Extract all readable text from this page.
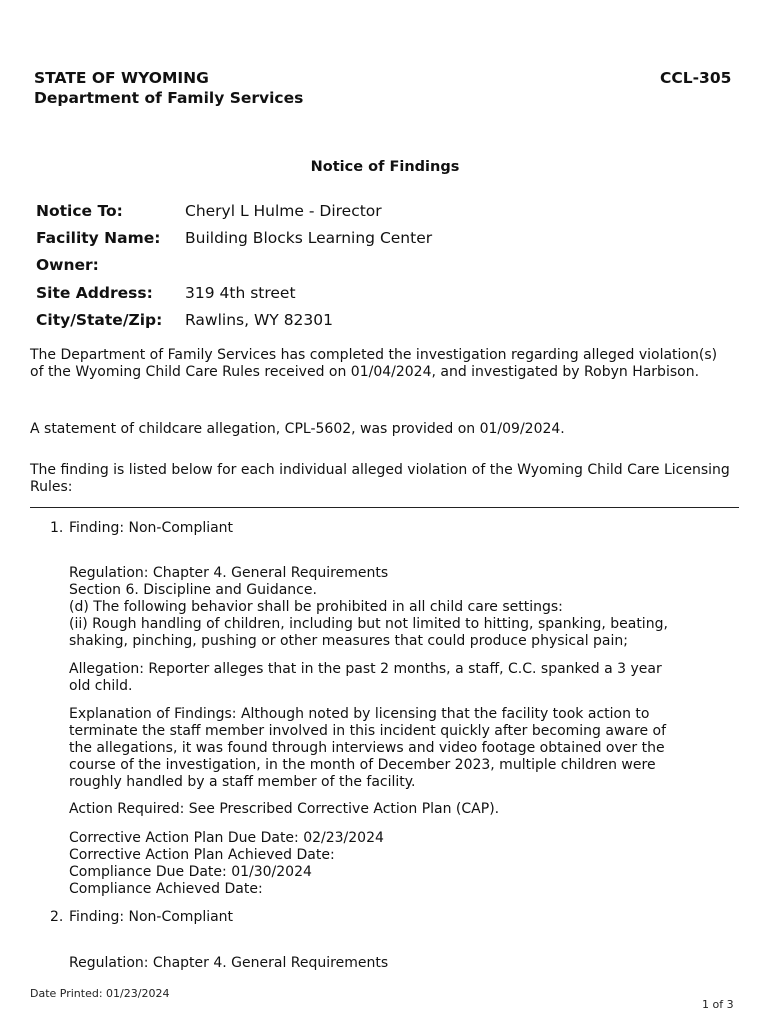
STATE OF WYOMING
Department of Family Services
CCL-305
Notice of Findings
Notice To:	Cheryl L Hulme - Director
Facility Name: Building Blocks Learning Center
Owner:
Site Address: 319 4th street
City/State/Zip: Rawlins, WY 82301
The Department of Family Services has completed the investigation regarding alleged violation(s) of the Wyoming Child Care Rules received on 01/04/2024, and investigated by Robyn Harbison.
A statement of childcare allegation, CPL-5602, was provided on 01/09/2024.
The finding is listed below for each individual alleged violation of the Wyoming Child Care Licensing Rules:
1. Finding: Non-Compliant
Regulation: Chapter 4. General Requirements
Section 6. Discipline and Guidance.
(d) The following behavior shall be prohibited in all child care settings:
(ii) Rough handling of children, including but not limited to hitting, spanking, beating,
shaking, pinching, pushing or other measures that could produce physical pain;
Allegation: Reporter alleges that in the past 2 months, a staff, C.C. spanked a 3 year
old child.
Explanation of Findings: Although noted by licensing that the facility took action to
terminate the staff member involved in this incident quickly after becoming aware of
the allegations, it was found through interviews and video footage obtained over the
course of the investigation, in the month of December 2023, multiple children were
roughly handled by a staff member of the facility.
Action Required: See Prescribed Corrective Action Plan (CAP).
Corrective Action Plan Due Date: 02/23/2024
Corrective Action Plan Achieved Date:
Compliance Due Date: 01/30/2024
Compliance Achieved Date:
2. Finding: Non-Compliant
Regulation: Chapter 4. General Requirements
Date Printed: 01/23/2024
1 of 3
